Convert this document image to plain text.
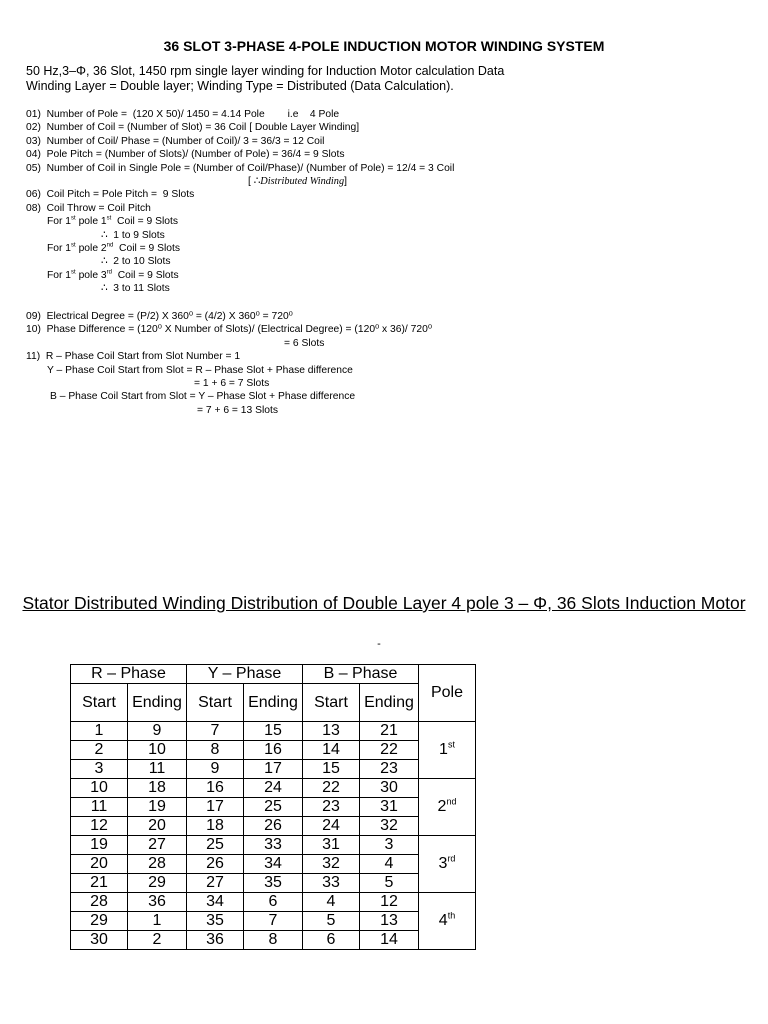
36 SLOT 3-PHASE 4-POLE INDUCTION MOTOR WINDING SYSTEM
50 Hz,3–Φ, 36 Slot, 1450 rpm single layer winding for Induction Motor calculation Data
Winding Layer = Double layer; Winding Type = Distributed (Data Calculation).
01)  Number of Pole =  (120 X 50)/ 1450 = 4.14 Pole        i.e    4 Pole
02)  Number of Coil = (Number of Slot) = 36 Coil [ Double Layer Winding]
03)  Number of Coil/ Phase = (Number of Coil)/ 3 = 36/3 = 12 Coil
04)  Pole Pitch = (Number of Slots)/ (Number of Pole) = 36/4 = 9 Slots
05)  Number of Coil in Single Pole = (Number of Coil/Phase)/ (Number of Pole) = 12/4 = 3 Coil
[ ∴Distributed Winding]
06)  Coil Pitch = Pole Pitch =  9 Slots
08)  Coil Throw = Coil Pitch
For 1st pole 1st  Coil = 9 Slots
∴  1 to 9 Slots
For 1st pole 2nd  Coil = 9 Slots
∴  2 to 10 Slots
For 1st pole 3rd  Coil = 9 Slots
∴  3 to 11 Slots
09)  Electrical Degree = (P/2) X 360⁰ = (4/2) X 360⁰ = 720⁰
10)  Phase Difference = (120⁰ X Number of Slots)/ (Electrical Degree) = (120⁰ x 36)/ 720⁰
= 6 Slots
11)  R – Phase Coil Start from Slot Number = 1
Y – Phase Coil Start from Slot = R – Phase Slot + Phase difference
= 1 + 6 = 7 Slots
B – Phase Coil Start from Slot = Y – Phase Slot + Phase difference
= 7 + 6 = 13 Slots
Stator Distributed Winding Distribution of Double Layer 4 pole 3 – Φ, 36 Slots Induction Motor
-
R – Phase		Y – Phase		B – Phase		Pole
Start	Ending	Start	Ending	Start	Ending	
1	9	7	15	13	21	1st
2	10	8	16	14	22	
3	11	9	17	15	23	
10	18	16	24	22	30	2nd
11	19	17	25	23	31	
12	20	18	26	24	32	
19	27	25	33	31	3	3rd
20	28	26	34	32	4	
21	29	27	35	33	5	
28	36	34	6	4	12	4th
29	1	35	7	5	13	
30	2	36	8	6	14	
